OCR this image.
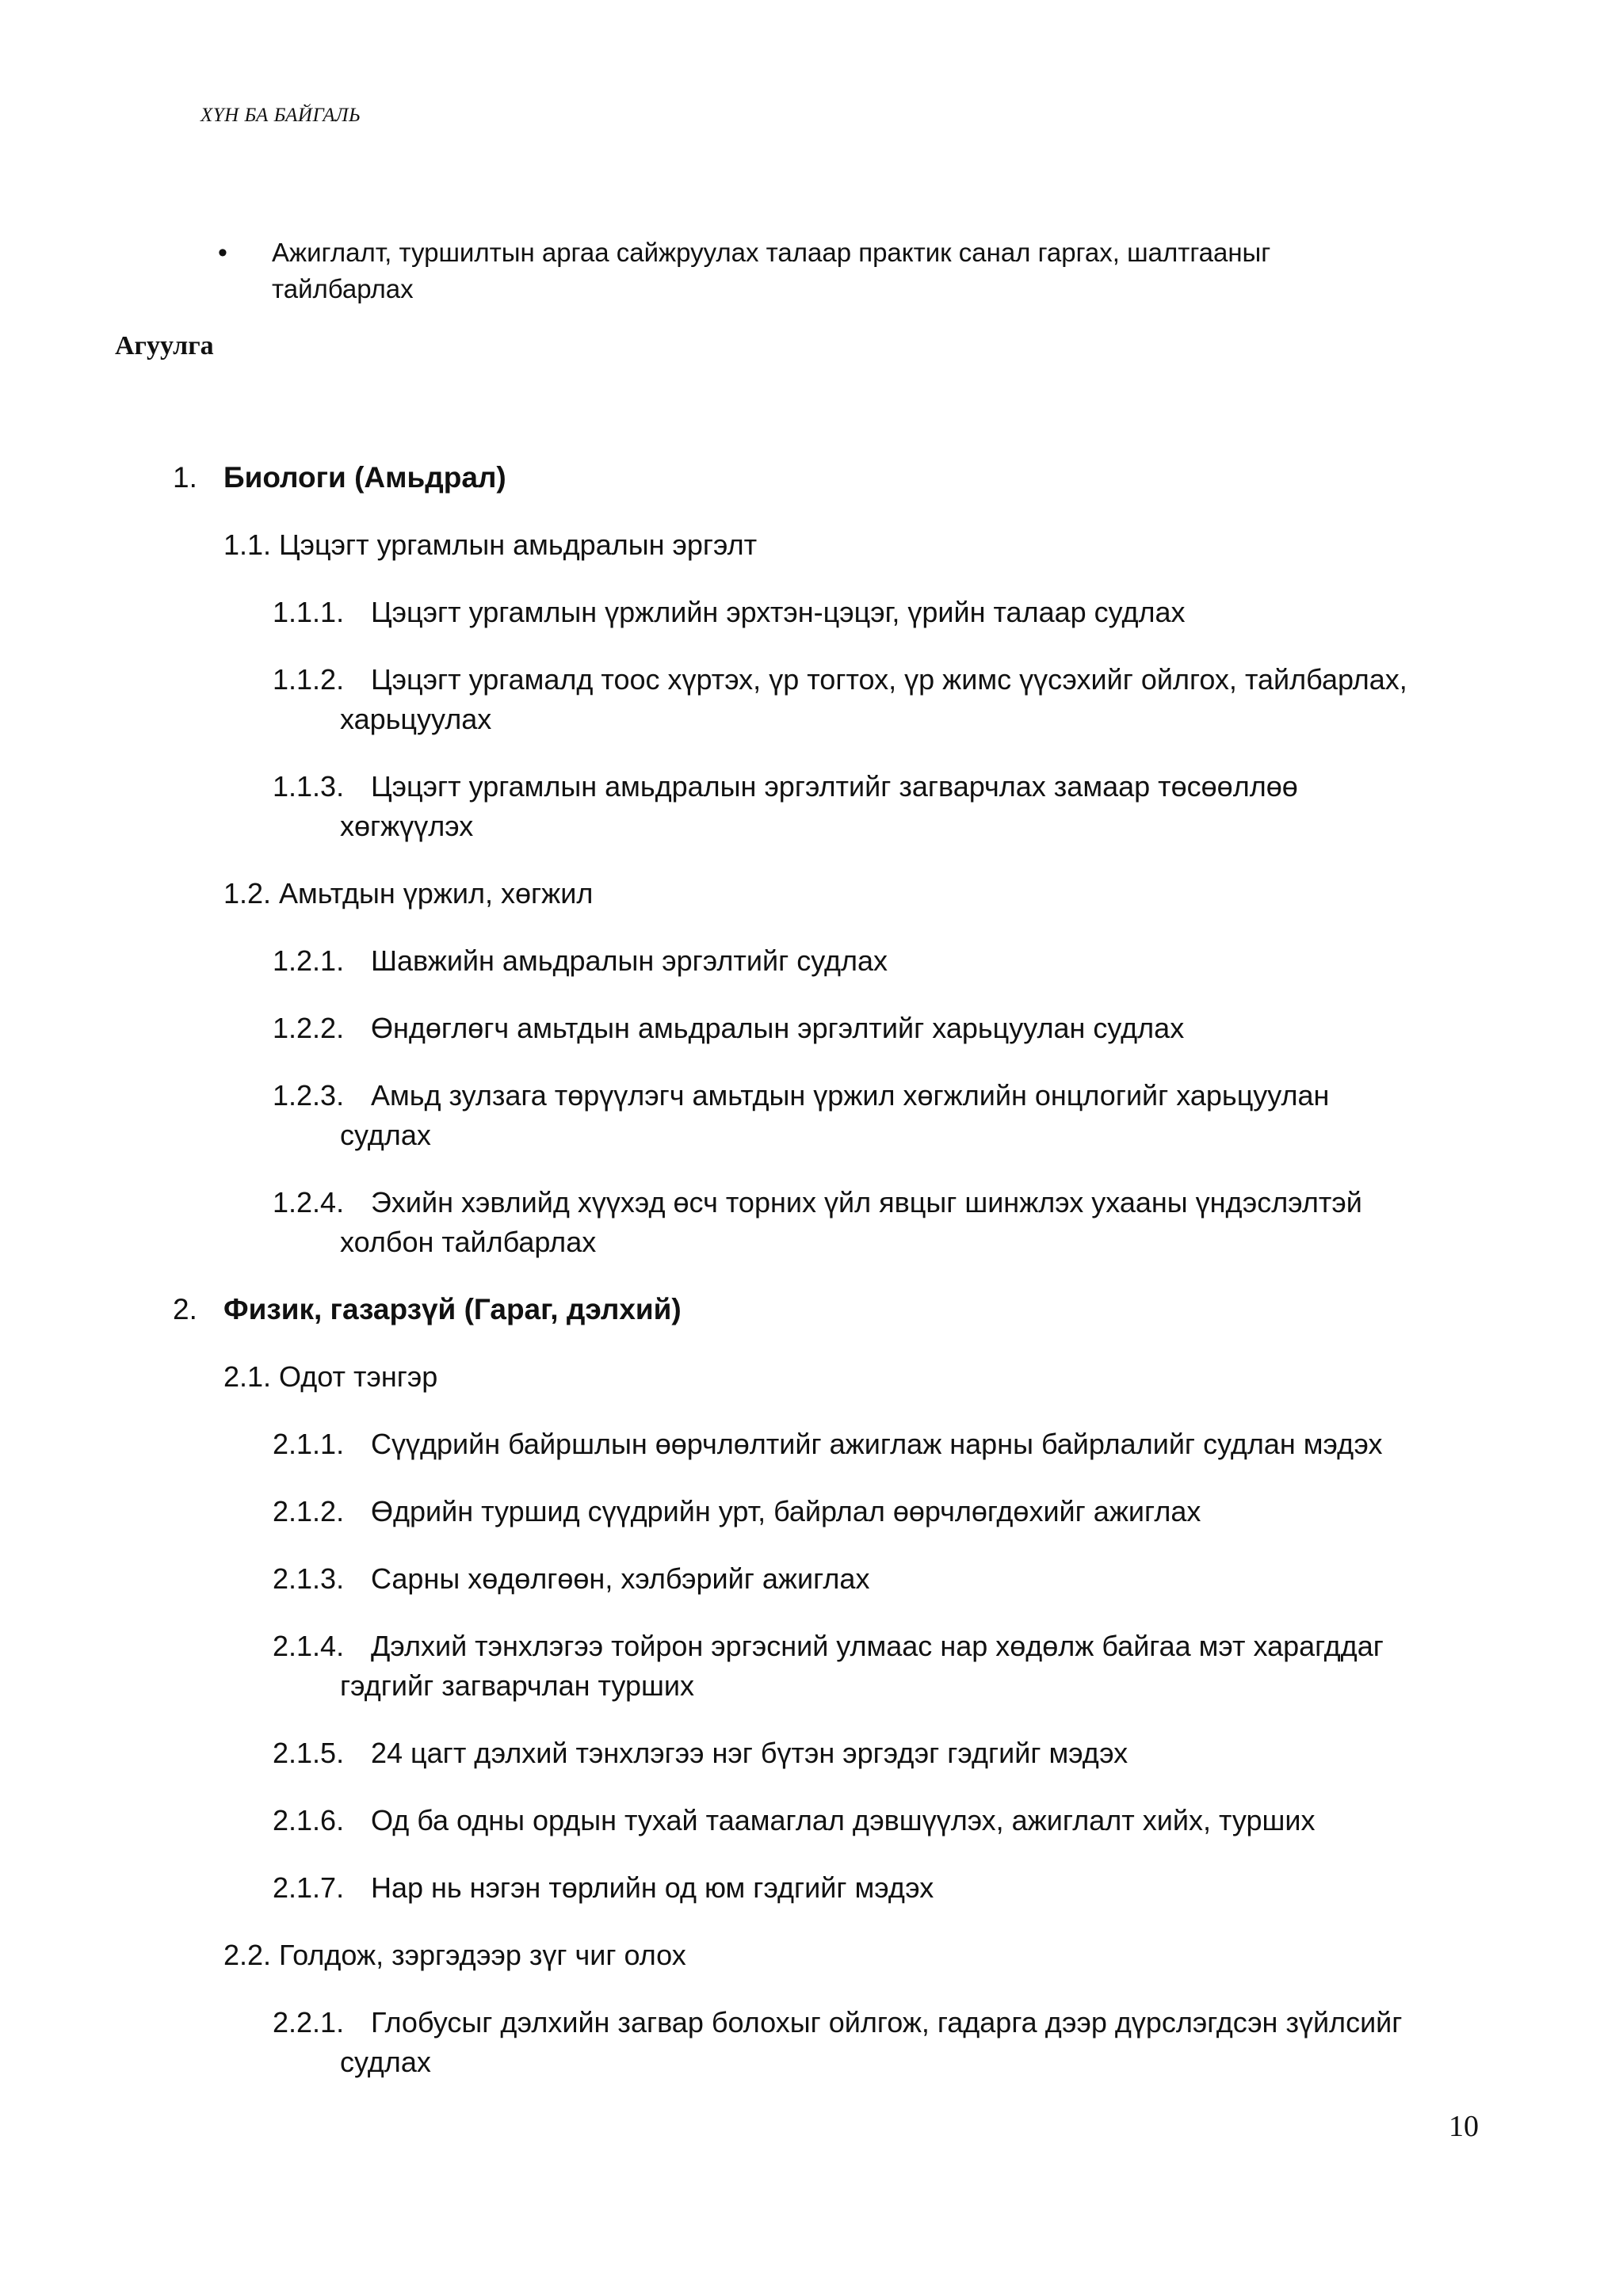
ХҮН БА БАЙГАЛЬ
• Ажиглалт, туршилтын аргаа сайжруулах талаар практик санал гаргах, шалтгааныг
тайлбарлах
Агуулга
1. Биологи (Амьдрал)
1.1. Цэцэгт ургамлын амьдралын эргэлт
1.1.1. Цэцэгт ургамлын үржлийн эрхтэн-цэцэг, үрийн талаар судлах
1.1.2. Цэцэгт ургамалд тоос хүртэх, үр тогтох, үр жимс үүсэхийг ойлгох, тайлбарлах,
харьцуулах
1.1.3. Цэцэгт ургамлын амьдралын эргэлтийг загварчлах замаар төсөөллөө
хөгжүүлэх
1.2. Амьтдын үржил, хөгжил
1.2.1. Шавжийн амьдралын эргэлтийг судлах
1.2.2. Өндөглөгч амьтдын амьдралын эргэлтийг харьцуулан судлах
1.2.3. Амьд зулзага төрүүлэгч амьтдын үржил хөгжлийн онцлогийг харьцуулан
судлах
1.2.4. Эхийн хэвлийд хүүхэд өсч торних үйл явцыг шинжлэх ухааны үндэслэлтэй
холбон тайлбарлах
2. Физик, газарзүй (Гараг, дэлхий)
2.1. Одот тэнгэр
2.1.1. Сүүдрийн байршлын өөрчлөлтийг ажиглаж нарны байрлалийг судлан мэдэх
2.1.2. Өдрийн туршид сүүдрийн урт, байрлал өөрчлөгдөхийг ажиглах
2.1.3. Сарны хөдөлгөөн, хэлбэрийг ажиглах
2.1.4. Дэлхий тэнхлэгээ тойрон эргэсний улмаас нар хөдөлж байгаа мэт харагддаг
гэдгийг загварчлан турших
2.1.5. 24 цагт дэлхий тэнхлэгээ нэг бүтэн эргэдэг гэдгийг мэдэх
2.1.6. Од ба одны ордын тухай таамаглал дэвшүүлэх, ажиглалт хийх, турших
2.1.7. Нар нь нэгэн төрлийн од юм гэдгийг мэдэх
2.2. Голдож, зэргэдээр зүг чиг олох
2.2.1. Глобусыг дэлхийн загвар болохыг ойлгож, гадарга дээр дүрслэгдсэн зүйлсийг
судлах
10
